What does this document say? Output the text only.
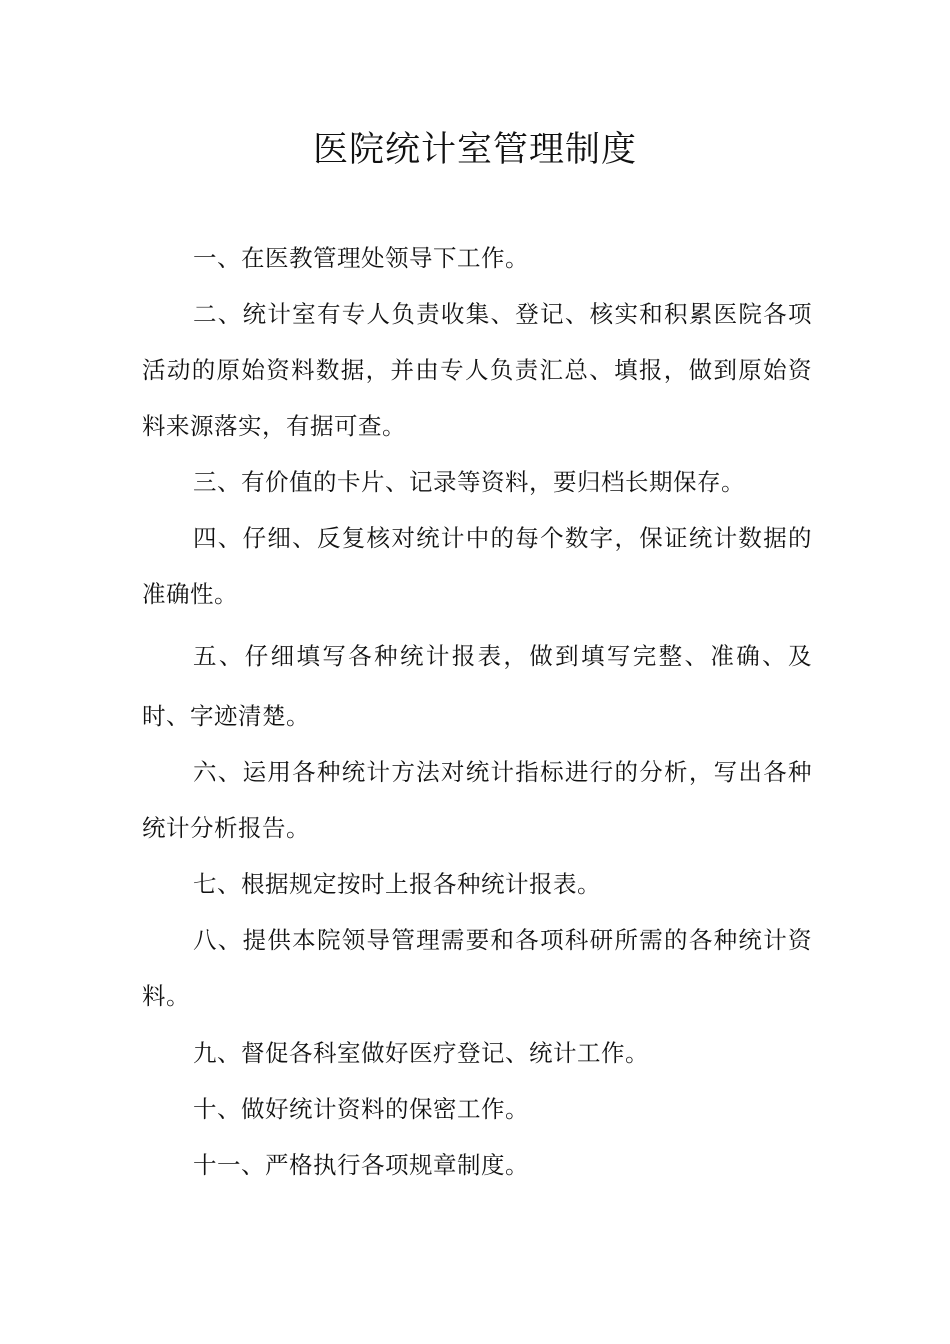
医院统计室管理制度

一、在医教管理处领导下工作。

二、统计室有专人负责收集、登记、核实和积累医院各项活动的原始资料数据，并由专人负责汇总、填报，做到原始资料来源落实，有据可查。

三、有价值的卡片、记录等资料，要归档长期保存。

四、仔细、反复核对统计中的每个数字，保证统计数据的准确性。

五、仔细填写各种统计报表，做到填写完整、准确、及时、字迹清楚。

六、运用各种统计方法对统计指标进行的分析，写出各种统计分析报告。

七、根据规定按时上报各种统计报表。

八、提供本院领导管理需要和各项科研所需的各种统计资料。

九、督促各科室做好医疗登记、统计工作。

十、做好统计资料的保密工作。

十一、严格执行各项规章制度。
